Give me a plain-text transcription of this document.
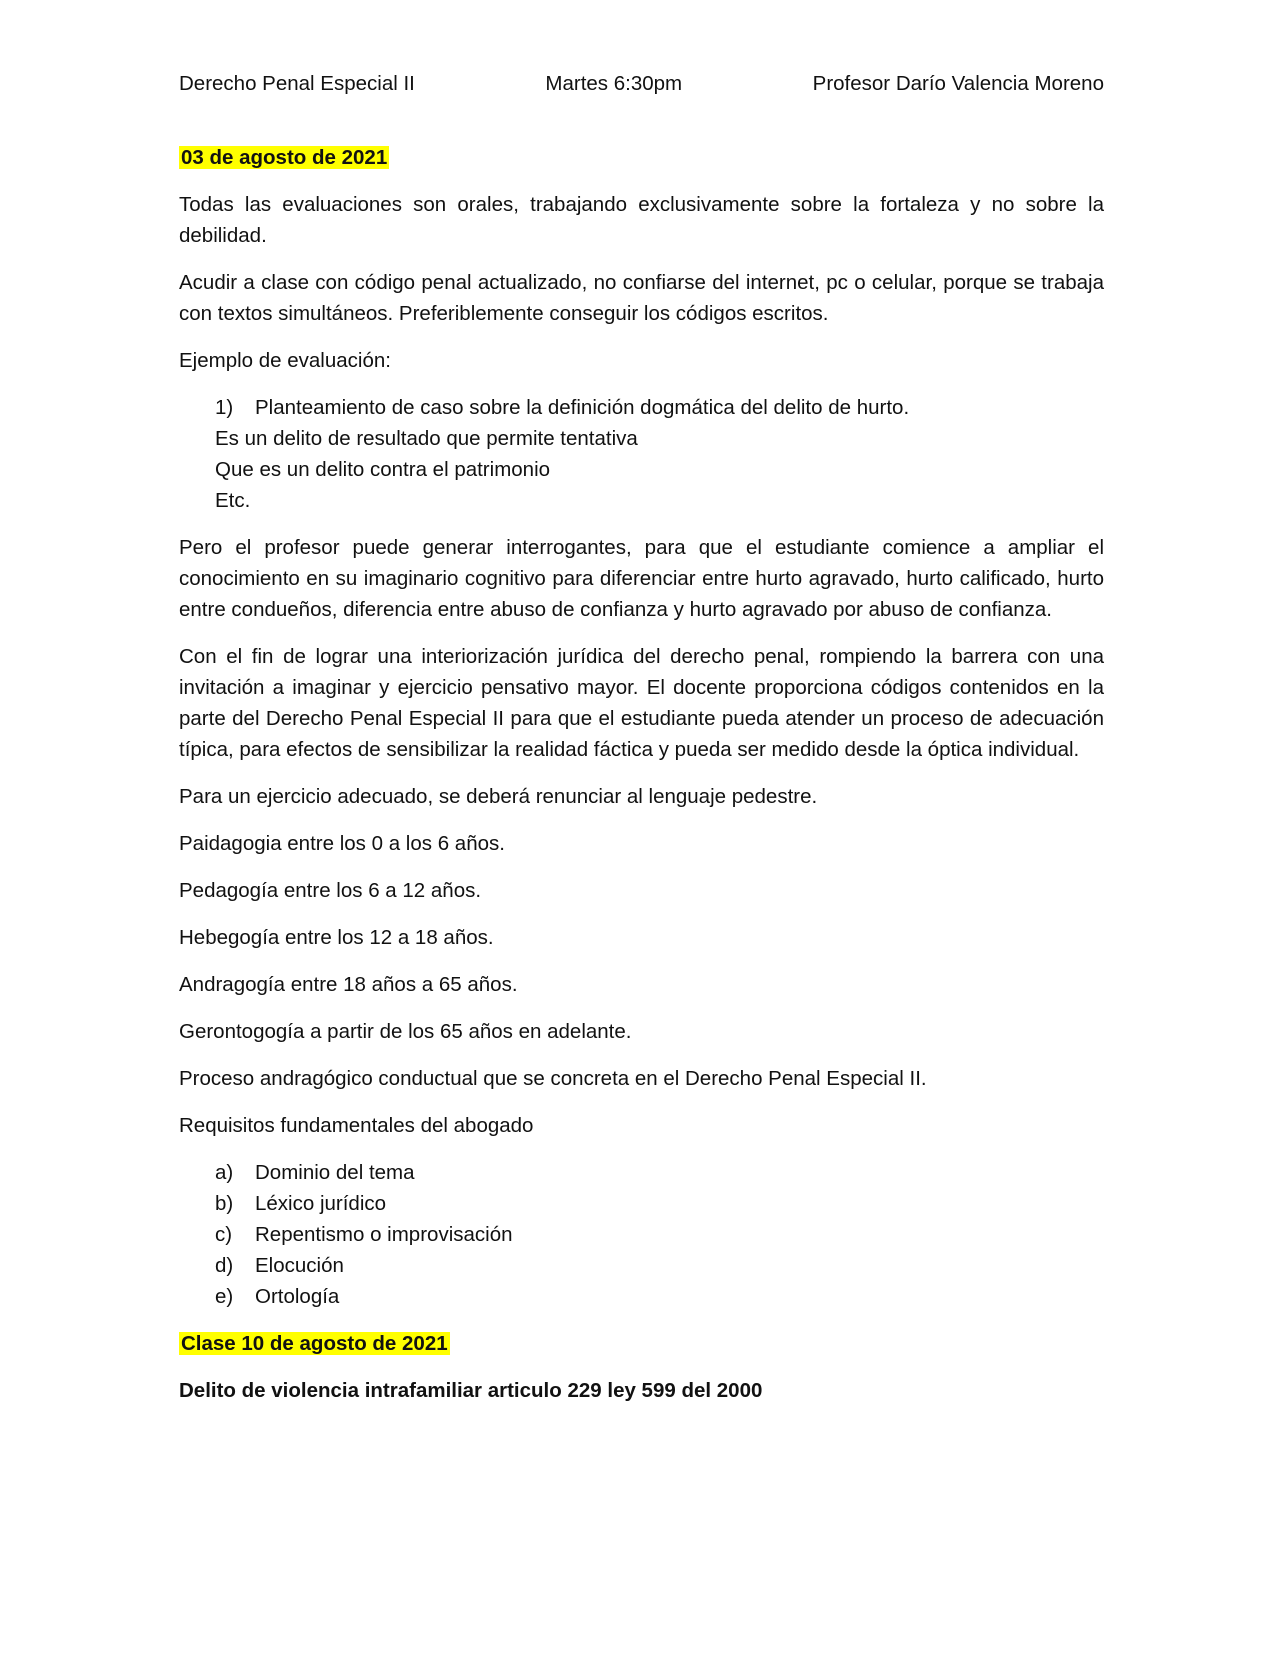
Derecho Penal Especial II	Martes 6:30pm	Profesor Darío Valencia Moreno

03 de agosto de 2021

Todas las evaluaciones son orales, trabajando exclusivamente sobre la fortaleza y no sobre la debilidad.

Acudir a clase con código penal actualizado, no confiarse del internet, pc o celular, porque se trabaja con textos simultáneos. Preferiblemente conseguir los códigos escritos.

Ejemplo de evaluación:

1)	Planteamiento de caso sobre la definición dogmática del delito de hurto.
Es un delito de resultado que permite tentativa
Que es un delito contra el patrimonio
Etc.

Pero el profesor puede generar interrogantes, para que el estudiante comience a ampliar el conocimiento en su imaginario cognitivo para diferenciar entre hurto agravado, hurto calificado, hurto entre condueños, diferencia entre abuso de confianza y hurto agravado por abuso de confianza.

Con el fin de lograr una interiorización jurídica del derecho penal, rompiendo la barrera con una invitación a imaginar y ejercicio pensativo mayor. El docente proporciona códigos contenidos en la parte del Derecho Penal Especial II para que el estudiante pueda atender un proceso de adecuación típica, para efectos de sensibilizar la realidad fáctica y pueda ser medido desde la óptica individual.

Para un ejercicio adecuado, se deberá renunciar al lenguaje pedestre.

Paidagogia entre los 0 a los 6 años.

Pedagogía entre los 6 a 12 años.

Hebegogía entre los 12 a 18 años.

Andragogía entre 18 años a 65 años.

Gerontogogía a partir de los 65 años en adelante.

Proceso andragógico conductual que se concreta en el Derecho Penal Especial II.

Requisitos fundamentales del abogado

a)	Dominio del tema
b)	Léxico jurídico
c)	Repentismo o improvisación
d)	Elocución
e)	Ortología

Clase 10 de agosto de 2021

Delito de violencia intrafamiliar articulo 229 ley 599 del 2000
